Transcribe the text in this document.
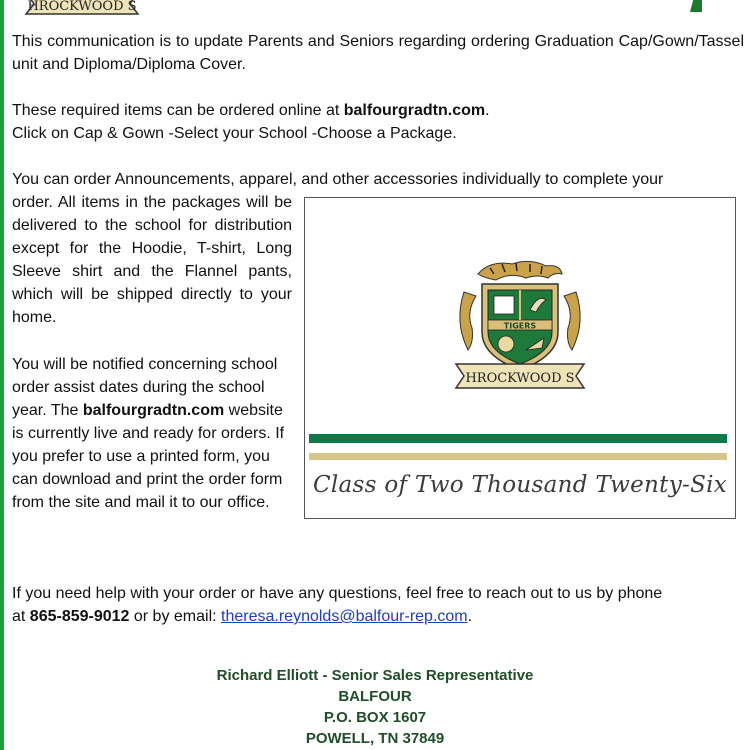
HROCKWOOD S
This communication is to update Parents and Seniors regarding ordering Graduation Cap/Gown/Tassel unit and Diploma/Diploma Cover.
These required items can be ordered online at balfourgradtn.com.
Click on Cap & Gown -Select your School -Choose a Package.
You can order Announcements, apparel, and other accessories individually to complete your
order. All items in the packages will be delivered to the school for distribution except for the Hoodie, T-shirt, Long Sleeve shirt and the Flannel pants, which will be shipped directly to your home.
You will be notified concerning school order assist dates during the school year. The balfourgradtn.com website is currently live and ready for orders. If you prefer to use a printed form, you can download and print the order form from the site and mail it to our office.
TIGERS
HROCKWOOD S
Class of Two Thousand Twenty-Six
If you need help with your order or have any questions, feel free to reach out to us by phone
at 865-859-9012 or by email: theresa.reynolds@balfour-rep.com.
Richard Elliott - Senior Sales Representative
BALFOUR
P.O. BOX 1607
POWELL, TN 37849
